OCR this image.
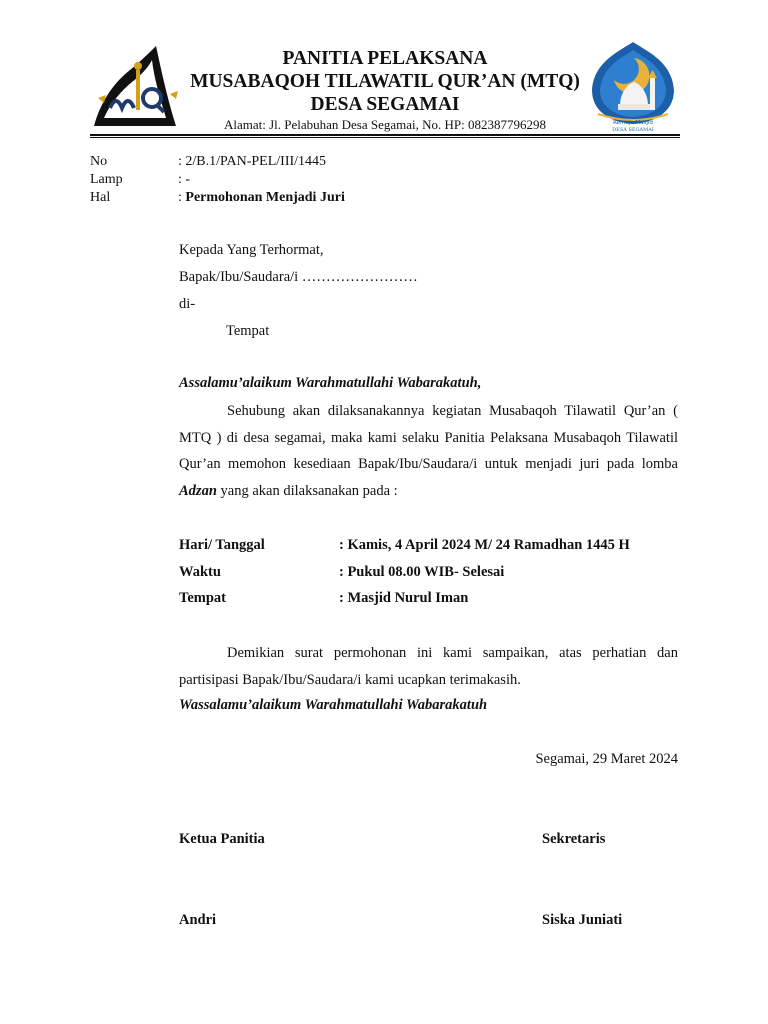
Remaja Masjid
DESA SEGAMAI
PANITIA PELAKSANA
MUSABAQOH TILAWATIL QUR’AN (MTQ)
DESA SEGAMAI
Alamat: Jl. Pelabuhan Desa Segamai, No. HP: 082387796298
No	: 2/B.1/PAN-PEL/III/1445
Lamp	: -
Hal	: Permohonan Menjadi Juri
Kepada Yang Terhormat,
Bapak/Ibu/Saudara/i ……………………
di-
Tempat
Assalamu’alaikum Warahmatullahi Wabarakatuh,
Sehubung akan dilaksanakannya kegiatan Musabaqoh Tilawatil Qur’an ( MTQ ) di desa segamai, maka kami selaku Panitia Pelaksana Musabaqoh Tilawatil Qur’an memohon kesediaan Bapak/Ibu/Saudara/i untuk menjadi juri pada lomba Adzan yang akan dilaksanakan pada :
Hari/ Tanggal	: Kamis, 4 April 2024 M/ 24 Ramadhan 1445 H
Waktu	: Pukul 08.00 WIB- Selesai
Tempat	: Masjid Nurul Iman
Demikian surat permohonan ini kami sampaikan, atas perhatian dan partisipasi Bapak/Ibu/Saudara/i kami ucapkan terimakasih.
Wassalamu’alaikum Warahmatullahi Wabarakatuh
Segamai, 29 Maret 2024
Ketua Panitia	Sekretaris
Andri	Siska Juniati
